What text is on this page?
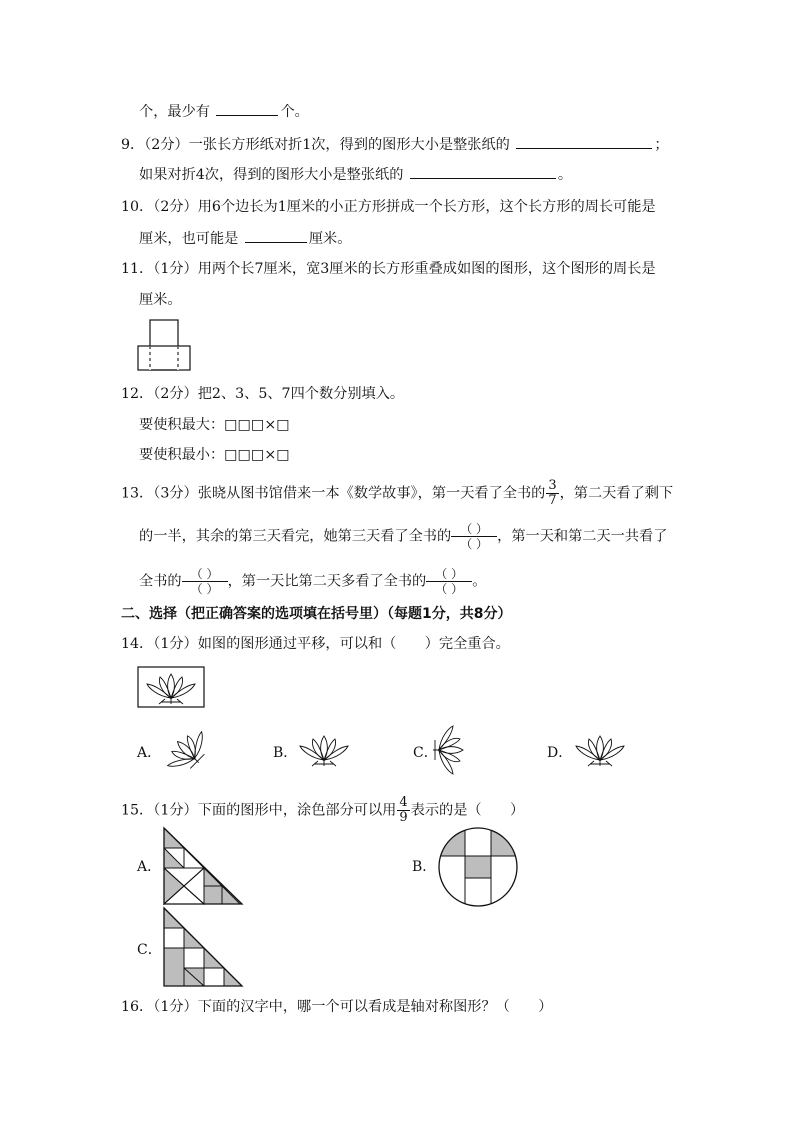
个，最少有	个。
9．（2分）一张长方形纸对折1次，得到的图形大小是整张纸的	；
如果对折4次，得到的图形大小是整张纸的	。
10．（2分）用6个边长为1厘米的小正方形拼成一个长方形，这个长方形的周长可能是
厘米，也可能是	厘米。
11．（1分）用两个长7厘米，宽3厘米的长方形重叠成如图的图形，这个图形的周长是
厘米。
12．（2分）把2、3、5、7四个数分别填入。
要使积最大：□□□×□
要使积最小：□□□×□
13．（3分）张晓从图书馆借来一本《数学故事》，第一天看了全书的 $\frac{3}{7}$ ，第二天看了剩下
的一半，其余的第三天看完，她第三天看了全书的 （ ）
（ ） ，第一天和第二天一共看了
全书的 （ ）
（ ） ，第一天比第二天多看了全书的 （ ）
（ ） 。
二、选择（把正确答案的选项填在括号里）（每题1分，共8分）
14．（1分）如图的图形通过平移，可以和（　　）完全重合。
A．	B．	C．	D．
15．（1分）下面的图形中，涂色部分可以用 $\frac{4}{9}$ 表示的是（　　）
A．	B．
C．
16．（1分）下面的汉字中，哪一个可以看成是轴对称图形？（　　）
